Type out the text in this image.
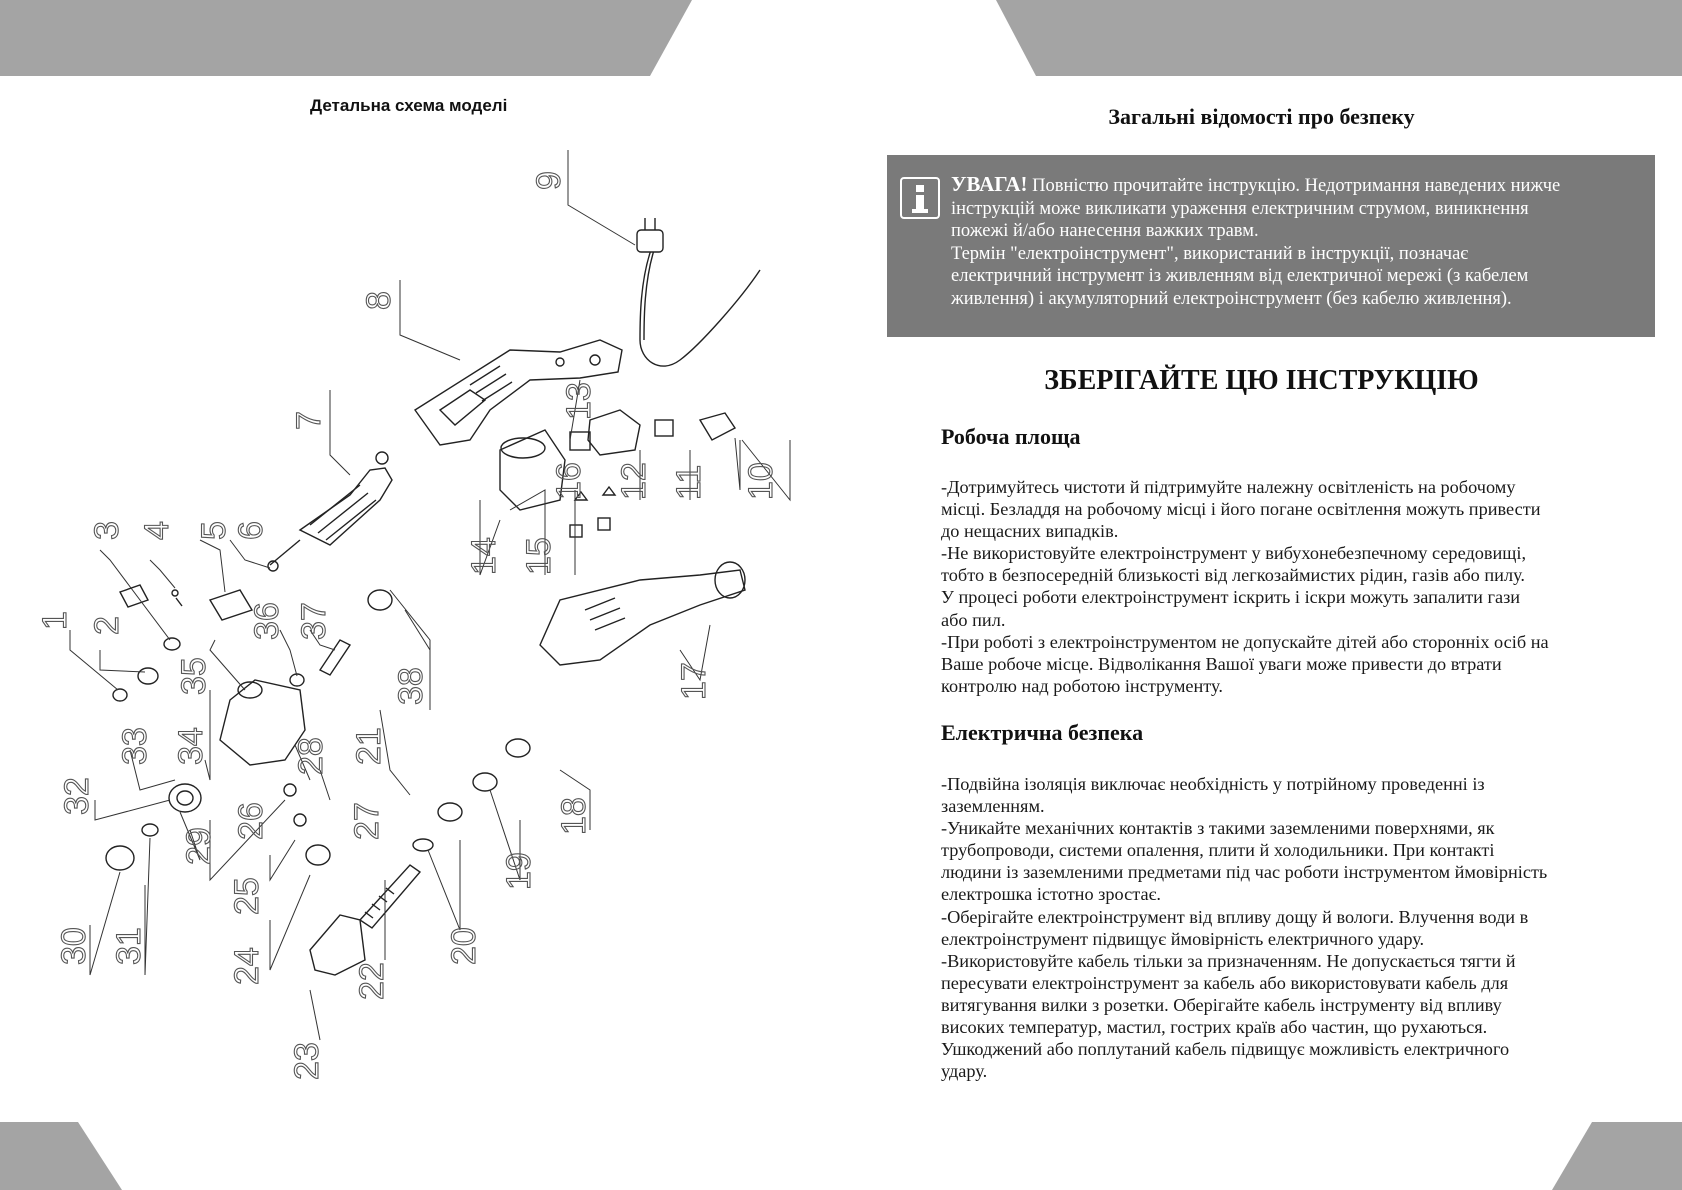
Детальна схема моделі
9
8
7
13
14 15
16 12 11 10
17
38
18
19
20
21
22
23
24
25
26 27
28
29
30 31
32
33 34
35
36 37
1 2
3 4 5 6
Загальні відомості про безпеку
УВАГА! Повністю прочитайте інструкцію. Недотримання наведених нижче
інструкцій може викликати ураження електричним струмом, виникнення
пожежі й/або нанесення важких травм.
Термін "електроінструмент", використаний в інструкції, позначає
електричний інструмент із живленням від електричної мережі (з кабелем
живлення) і акумуляторний електроінструмент (без кабелю живлення).
ЗБЕРІГАЙТЕ ЦЮ ІНСТРУКЦІЮ
Робоча площа

-Дотримуйтесь чистоти й підтримуйте належну освітленість на робочому
місці. Безладдя на робочому місці і його погане освітлення можуть привести
до нещасних випадків.
-Не використовуйте електроінструмент у вибухонебезпечному середовищі,
тобто в безпосередній близькості від легкозаймистих рідин, газів або пилу.
У процесі роботи електроінструмент іскрить і іскри можуть запалити гази
або пил.
-При роботі з електроінструментом не допускайте дітей або сторонніх осіб на
Ваше робоче місце. Відволікання Вашої уваги може привести до втрати
контролю над роботою інструменту.

Електрична безпека

-Подвійна ізоляція виключає необхідність у потрійному проведенні із
заземленням.
-Уникайте механічних контактів з такими заземленими поверхнями, як
трубопроводи, системи опалення, плити й холодильники. При контакті
людини із заземленими предметами під час роботи інструментом ймовірність
електрошка істотно зростає.
-Оберігайте електроінструмент від впливу дощу й вологи. Влучення води в
електроінструмент підвищує ймовірність електричного удару.
-Використовуйте кабель тільки за призначенням. Не допускається тягти й
пересувати електроінструмент за кабель або використовувати кабель для
витягування вилки з розетки. Оберігайте кабель інструменту від впливу
високих температур, мастил, гострих країв або частин, що рухаються.
Ушкоджений або поплутаний кабель підвищує можливість електричного
удару.
